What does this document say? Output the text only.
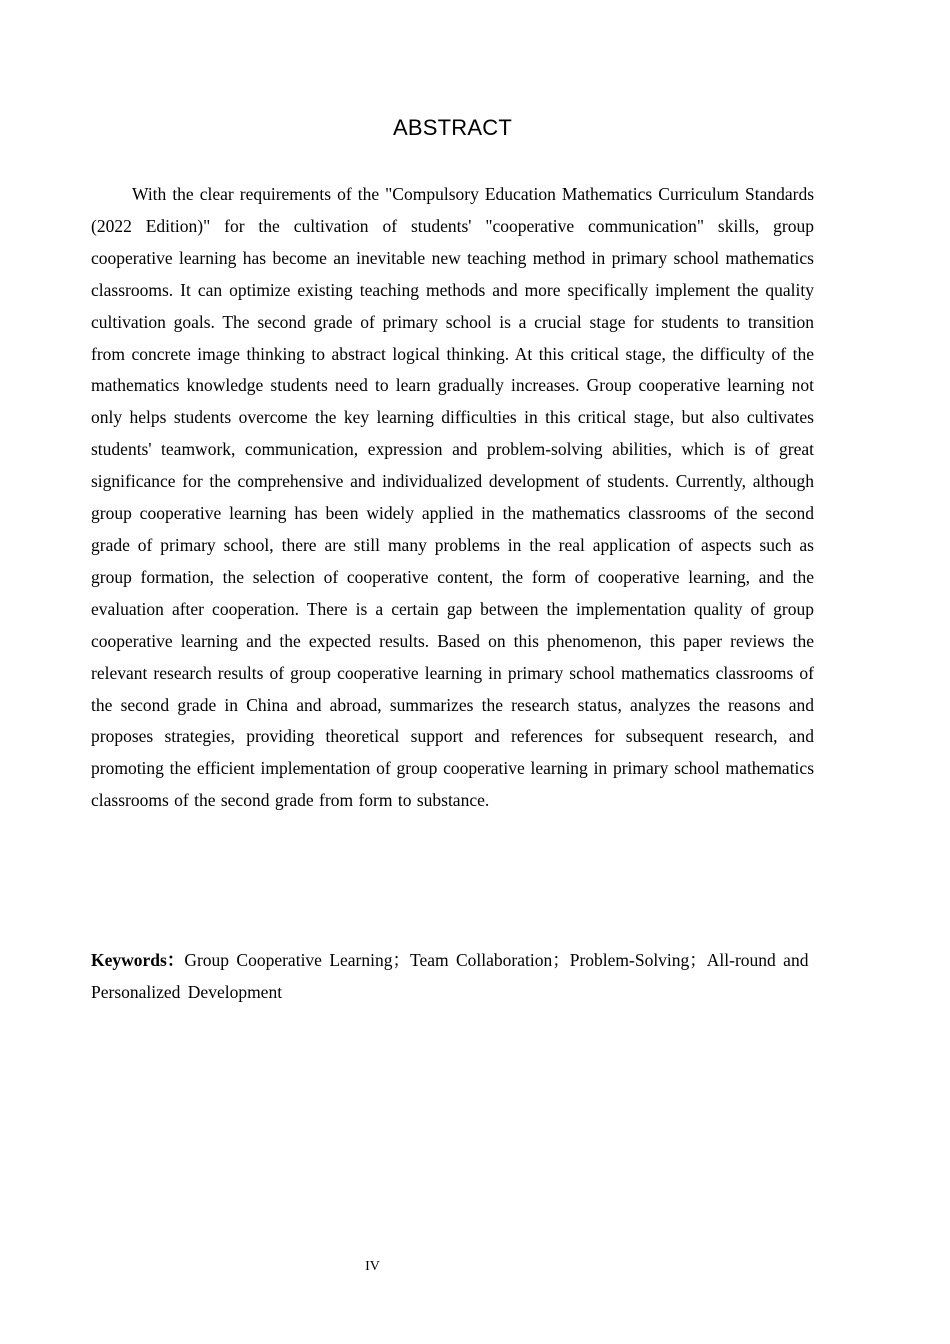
ABSTRACT

With the clear requirements of the "Compulsory Education Mathematics Curriculum Standards (2022 Edition)" for the cultivation of students' "cooperative communication" skills, group cooperative learning has become an inevitable new teaching method in primary school mathematics classrooms. It can optimize existing teaching methods and more specifically implement the quality cultivation goals. The second grade of primary school is a crucial stage for students to transition from concrete image thinking to abstract logical thinking. At this critical stage, the difficulty of the mathematics knowledge students need to learn gradually increases. Group cooperative learning not only helps students overcome the key learning difficulties in this critical stage, but also cultivates students' teamwork, communication, expression and problem-solving abilities, which is of great significance for the comprehensive and individualized development of students. Currently, although group cooperative learning has been widely applied in the mathematics classrooms of the second grade of primary school, there are still many problems in the real application of aspects such as group formation, the selection of cooperative content, the form of cooperative learning, and the evaluation after cooperation. There is a certain gap between the implementation quality of group cooperative learning and the expected results. Based on this phenomenon, this paper reviews the relevant research results of group cooperative learning in primary school mathematics classrooms of the second grade in China and abroad, summarizes the research status, analyzes the reasons and proposes strategies, providing theoretical support and references for subsequent research, and promoting the efficient implementation of group cooperative learning in primary school mathematics classrooms of the second grade from form to substance.

Keywords：Group Cooperative Learning；Team Collaboration；Problem-Solving；All-round and Personalized Development

IV
